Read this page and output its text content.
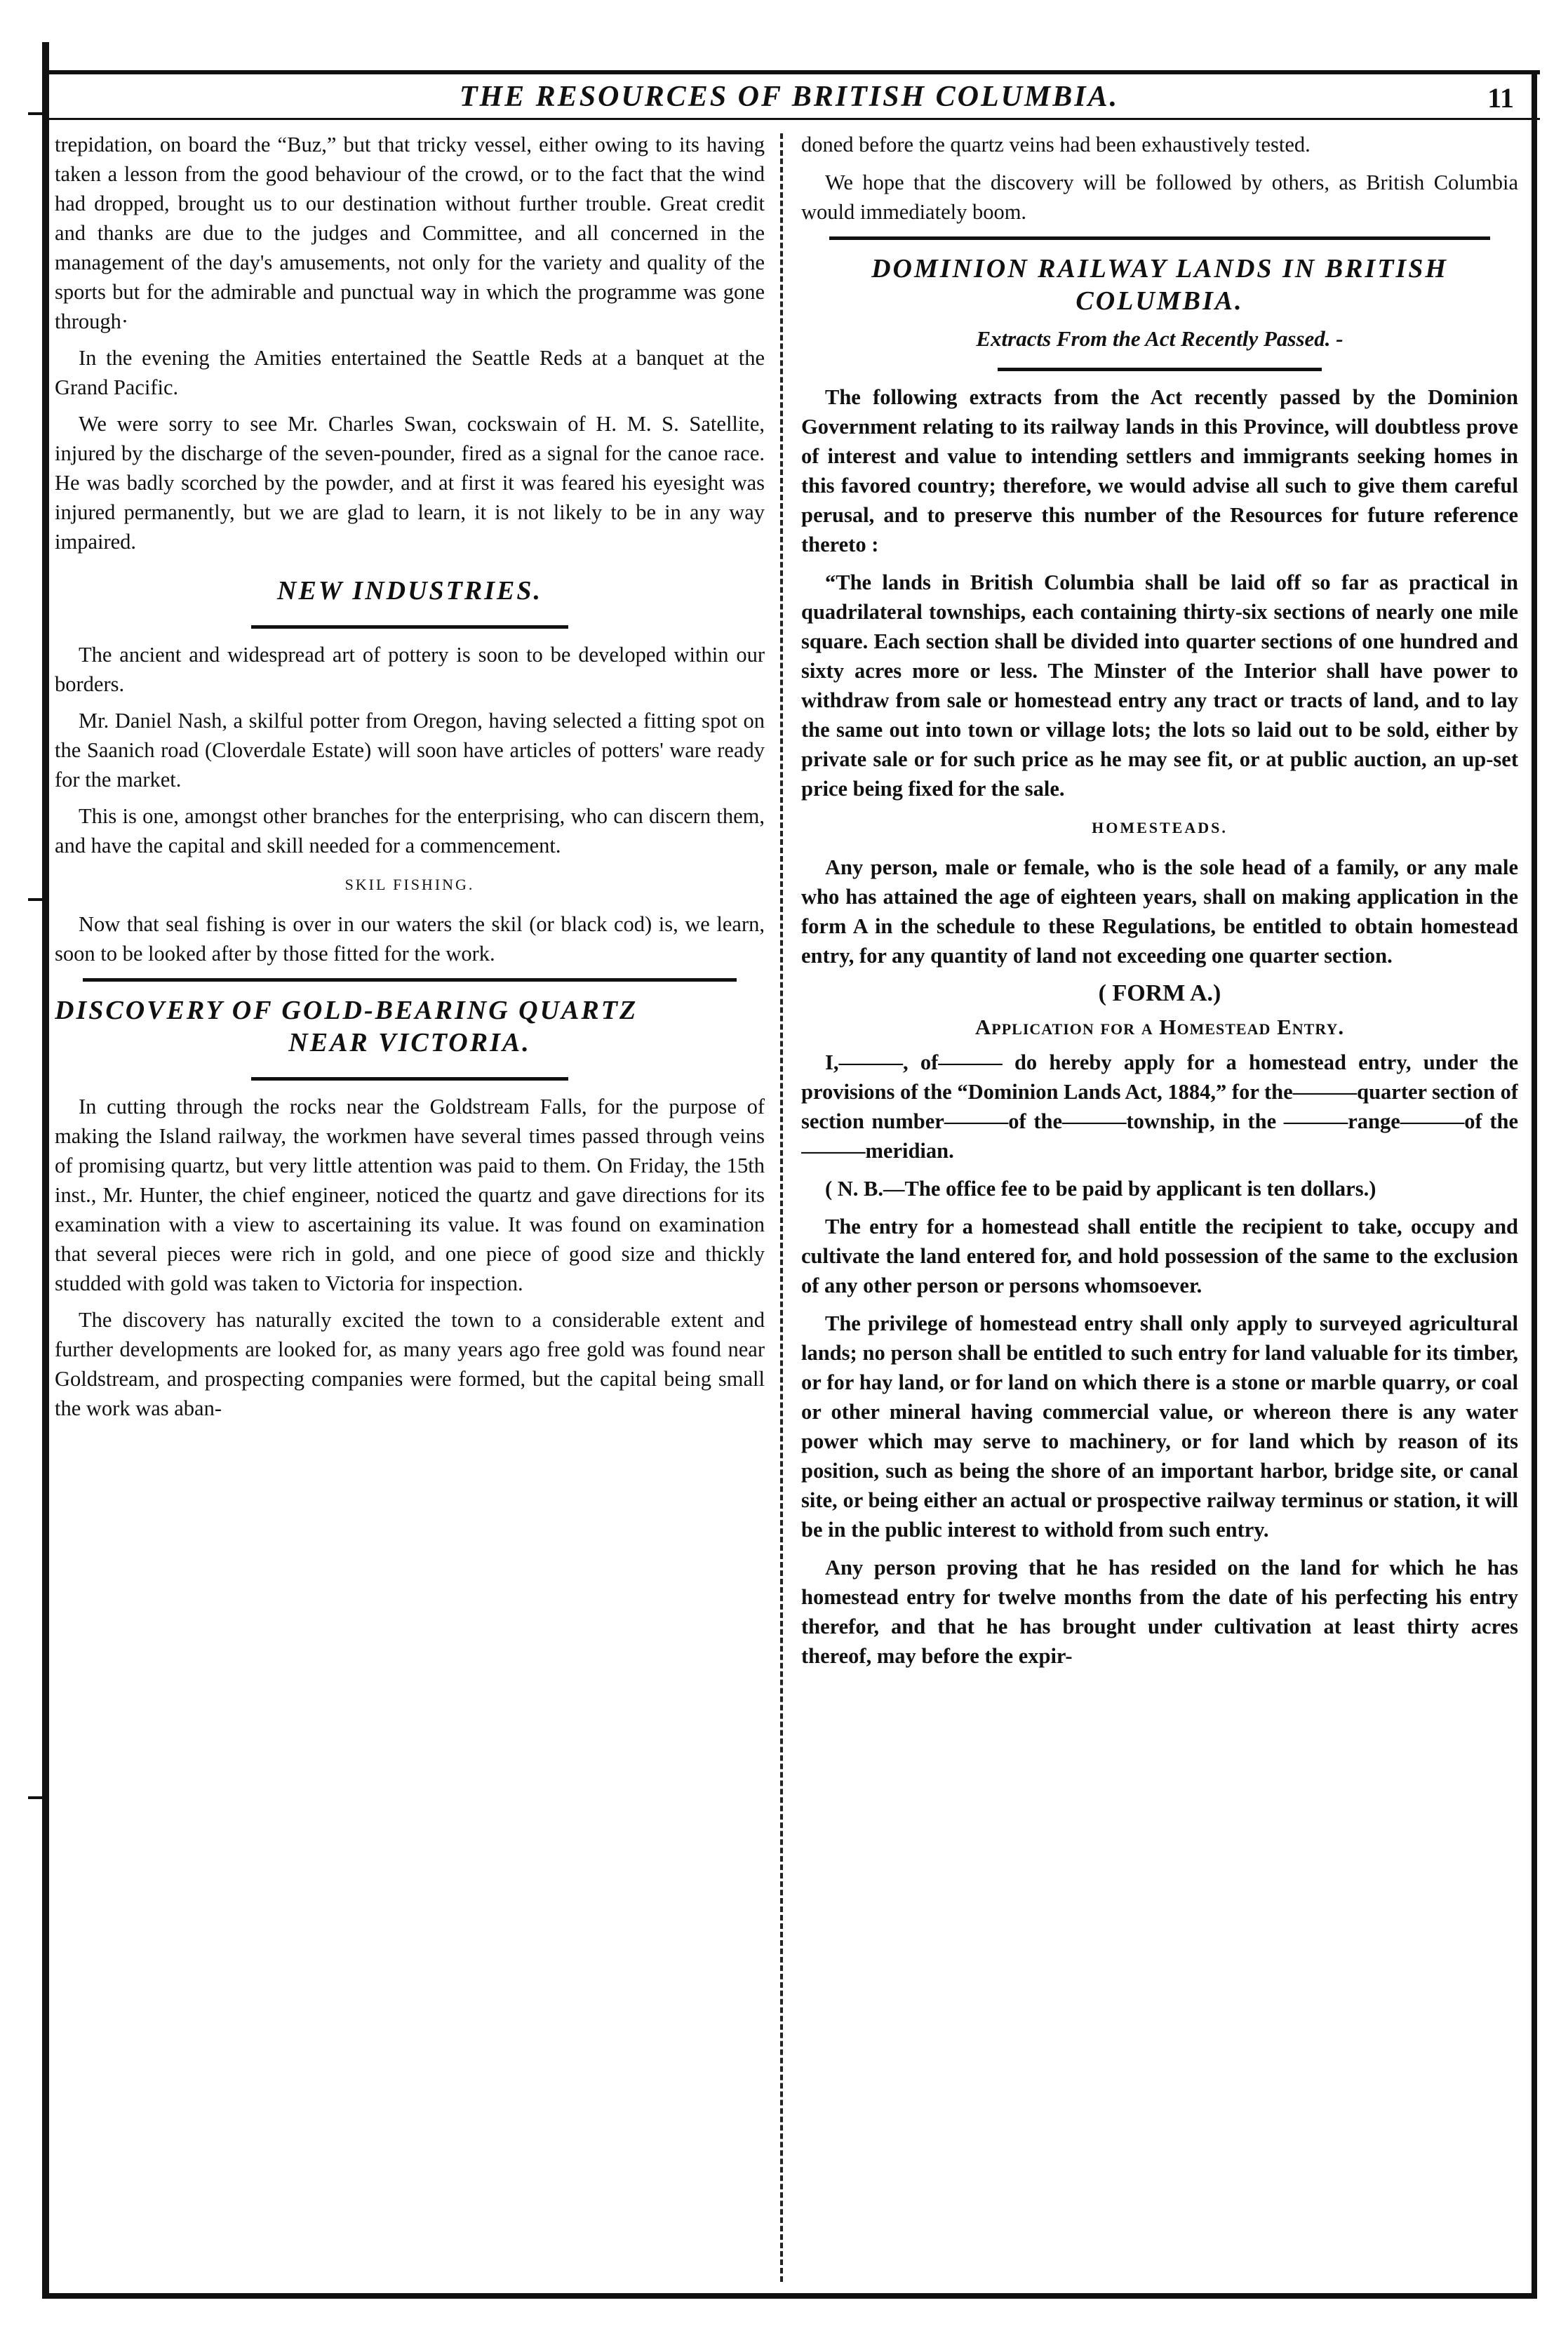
THE RESOURCES OF BRITISH COLUMBIA.	11

trepidation, on board the “Buz,” but that tricky vessel, either owing to its having taken a lesson from the good behaviour of the crowd, or to the fact that the wind had dropped, brought us to our destination without further trouble. Great credit and thanks are due to the judges and Committee, and all concerned in the management of the day's amusements, not only for the variety and quality of the sports but for the admirable and punctual way in which the programme was gone through·

In the evening the Amities entertained the Seattle Reds at a banquet at the Grand Pacific.

We were sorry to see Mr. Charles Swan, cockswain of H. M. S. Satellite, injured by the discharge of the seven-pounder, fired as a signal for the canoe race. He was badly scorched by the powder, and at first it was feared his eyesight was injured permanently, but we are glad to learn, it is not likely to be in any way impaired.

NEW INDUSTRIES.

The ancient and widespread art of pottery is soon to be developed within our borders.

Mr. Daniel Nash, a skilful potter from Oregon, having selected a fitting spot on the Saanich road (Cloverdale Estate) will soon have articles of potters' ware ready for the market.

This is one, amongst other branches for the enterprising, who can discern them, and have the capital and skill needed for a commencement.

SKIL FISHING.

Now that seal fishing is over in our waters the skil (or black cod) is, we learn, soon to be looked after by those fitted for the work.

DISCOVERY OF GOLD-BEARING QUARTZ
NEAR VICTORIA.

In cutting through the rocks near the Goldstream Falls, for the purpose of making the Island railway, the workmen have several times passed through veins of promising quartz, but very little attention was paid to them. On Friday, the 15th inst., Mr. Hunter, the chief engineer, noticed the quartz and gave directions for its examination with a view to ascertaining its value. It was found on examination that several pieces were rich in gold, and one piece of good size and thickly studded with gold was taken to Victoria for inspection.

The discovery has naturally excited the town to a considerable extent and further developments are looked for, as many years ago free gold was found near Goldstream, and prospecting companies were formed, but the capital being small the work was aban-

doned before the quartz veins had been exhaustively tested.

We hope that the discovery will be followed by others, as British Columbia would immediately boom.

DOMINION RAILWAY LANDS IN BRITISH
COLUMBIA.
Extracts From the Act Recently Passed. -

The following extracts from the Act recently passed by the Dominion Government relating to its railway lands in this Province, will doubtless prove of interest and value to intending settlers and immigrants seeking homes in this favored country; therefore, we would advise all such to give them careful perusal, and to preserve this number of the Resources for future reference thereto :

“The lands in British Columbia shall be laid off so far as practical in quadrilateral townships, each containing thirty-six sections of nearly one mile square. Each section shall be divided into quarter sections of one hundred and sixty acres more or less. The Minster of the Interior shall have power to withdraw from sale or homestead entry any tract or tracts of land, and to lay the same out into town or village lots; the lots so laid out to be sold, either by private sale or for such price as he may see fit, or at public auction, an up-set price being fixed for the sale.

HOMESTEADS.

Any person, male or female, who is the sole head of a family, or any male who has attained the age of eighteen years, shall on making application in the form A in the schedule to these Regulations, be entitled to obtain homestead entry, for any quantity of land not exceeding one quarter section.

( FORM A.)
Application for a Homestead Entry.

I,———, of——— do hereby apply for a homestead entry, under the provisions of the “Dominion Lands Act, 1884,” for the———quarter section of section number———of the———township, in the ———range———of the———meridian.

( N. B.—The office fee to be paid by applicant is ten dollars.)

The entry for a homestead shall entitle the recipient to take, occupy and cultivate the land entered for, and hold possession of the same to the exclusion of any other person or persons whomsoever.

The privilege of homestead entry shall only apply to surveyed agricultural lands; no person shall be entitled to such entry for land valuable for its timber, or for hay land, or for land on which there is a stone or marble quarry, or coal or other mineral having commercial value, or whereon there is any water power which may serve to machinery, or for land which by reason of its position, such as being the shore of an important harbor, bridge site, or canal site, or being either an actual or prospective railway terminus or station, it will be in the public interest to withold from such entry.

Any person proving that he has resided on the land for which he has homestead entry for twelve months from the date of his perfecting his entry therefor, and that he has brought under cultivation at least thirty acres thereof, may before the expir-
